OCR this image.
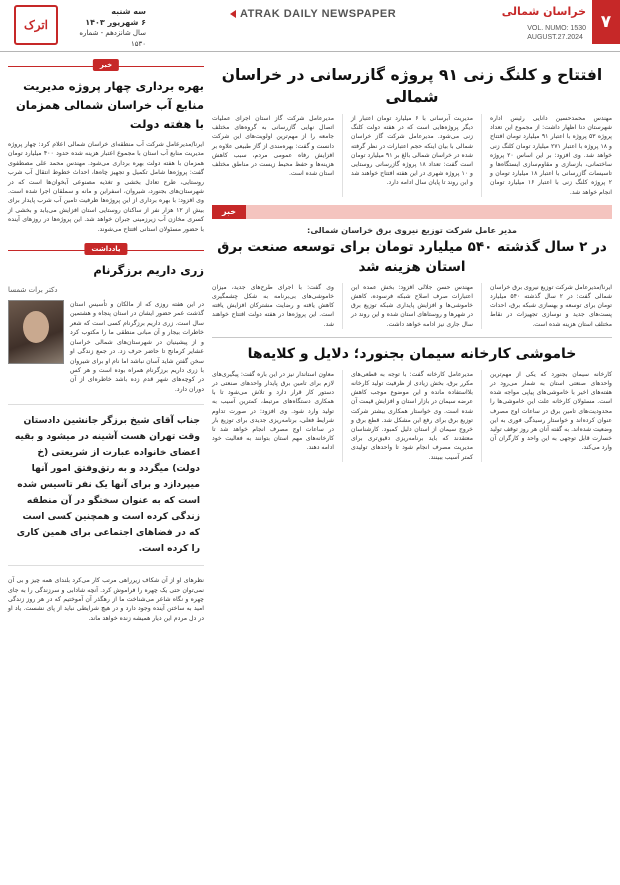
۷
خراسان شمالی
VOL. NUMO: 1530
AUGUST.27.2024
ATRAK DAILY NEWSPAPER
سه شنبه
۶ شهریور ۱۴۰۳
سال شانزدهم - شماره ۱۵۳۰
اترک
خبر
بهره برداری چهار پروژه مدیریت منابع آب خراسان شمالی همزمان با هفته دولت

ایرنا/مدیرعامل شرکت آب منطقه‌ای خراسان شمالی اعلام کرد: چهار پروژه مدیریت منابع آب استان با مجموع اعتبار هزینه شده حدود ۴۰۰ میلیارد تومان همزمان با هفته دولت بهره برداری می‌شود. مهندس محمد علی مصطفوی گفت: پروژه‌ها شامل تکمیل و تجهیز چاه‌ها، احداث خطوط انتقال آب شرب روستایی، طرح تعادل بخشی و تغذیه مصنوعی آبخوان‌ها است که در شهرستان‌های بجنورد، شیروان، اسفراین و مانه و سملقان اجرا شده است. وی افزود: با بهره برداری از این پروژه‌ها ظرفیت تامین آب شرب پایدار برای بیش از ۱۲ هزار نفر از ساکنان روستایی استان افزایش می‌یابد و بخشی از کسری مخازن آب زیرزمینی جبران خواهد شد. این پروژه‌ها در روزهای آینده با حضور مسئولان استانی افتتاح می‌شوند.

یادداشت
زری داریم برزگرنام
دکتر برات شمسا

در این هفته روزی که از مالکان و تأسیس استان گذشت عمر حضور ایشان در استان پنجاه و هشتمین سال است. زری داریم برزگرنام کسی است که شعر خاطرات بیجار و آن مبانی منطقی ما را مکتوب کرد و از پیشینیان در شهرستان‌های شمالی خراسان عشایر کرمانج تا حاضر حرف زد. در جمع زندگی او سخن گفتن شاید آسان نباشد اما نام او برای شیروان با زری داریم برزگرنام همراه بوده است و هر کس در کوچه‌های شهر قدم زده باشد خاطره‌ای از آن دوران دارد.

جناب آقای شیخ برزگر جانشین دادستان وقت تهران هست آشینه در میشود و بقیه اعضای خانواده عبارت از شریعتی (خ دولت) میگردد و به رتق‌وفتق امور آنها میپردازد و برای آنها یک نفر تاسیس شده است که به عنوان سخنگو در آن منطقه زندگی کرده است و همچنین کسی است که در فضاهای اجتماعی برای همین کاری را کرده است.

نظرهای او از آن شکاف زیرراهی مرتب کار می‌کرد بلندای همه چیز و بی آن نمی‌توان حتی یک چهره را فراموش کرد. آنچه شادابی و سرزندگی را به جای چهره و نگاه شاعر می‌شناخت ما از رهگذر آن آموختیم که در هر روز زندگی امید به ساختن آینده وجود دارد و در هیچ شرایطی نباید از پای نشست. یاد او در دل مردم این دیار همیشه زنده خواهد ماند.

افتتاح و کلنگ زنی ۹۱ پروژه گازرسانی در خراسان شمالی

مهندس محمدحسین دانایی رئیس اداره شهرستان دنا اظهار داشت: از مجموع این تعداد پروژه ۵۳ پروژه با اعتبار ۹۱ میلیارد تومان افتتاح و ۱۸ پروژه با اعتبار ۲۷۱ میلیارد تومان کلنگ زنی خواهد شد. وی افزود: بر این اساس ۲۰ پروژه ساختمانی، بازسازی و مقاوم‌سازی ایستگاه‌ها و تاسیسات گازرسانی با اعتبار ۱۸ میلیارد تومان و ۲ پروژه کلنگ زنی با اعتبار ۱۶ میلیارد تومان انجام خواهد شد.

مدیریت آبرسانی با ۶ میلیارد تومان اعتبار از دیگر پروژه‌هایی است که در هفته دولت کلنگ زنی می‌شود. مدیرعامل شرکت گاز خراسان شمالی با بیان اینکه حجم اعتبارات در نظر گرفته شده در خراسان شمالی بالغ بر ۹۱ میلیارد تومان است گفت: تعداد ۱۸ پروژه گازرسانی روستایی و ۱۰ پروژه شهری در این هفته افتتاح خواهند شد و این روند تا پایان سال ادامه دارد.

مدیرعامل شرکت گاز استان اجرای عملیات اتصال نهایی گازرسانی به گروه‌های مختلف جامعه را از مهم‌ترین اولویت‌های این شرکت دانست و گفت: بهره‌مندی از گاز طبیعی علاوه بر افزایش رفاه عمومی مردم، سبب کاهش هزینه‌ها و حفظ محیط زیست در مناطق مختلف استان شده است.

خبر
مدیر عامل شرکت توزیع نیروی برق خراسان شمالی:
در ۲ سال گذشته ۵۴۰ میلیارد تومان برای توسعه صنعت برق استان هزینه شد

ایرنا/مدیرعامل شرکت توزیع نیروی برق خراسان شمالی گفت: در ۲ سال گذشته ۵۴۰ میلیارد تومان برای توسعه و بهسازی شبکه برق، احداث پست‌های جدید و نوسازی تجهیزات در نقاط مختلف استان هزینه شده است.

مهندس حسن جلالی افزود: بخش عمده این اعتبارات صرف اصلاح شبکه فرسوده، کاهش خاموشی‌ها و افزایش پایداری شبکه توزیع برق در شهرها و روستاهای استان شده و این روند در سال جاری نیز ادامه خواهد داشت.

وی گفت: با اجرای طرح‌های جدید، میزان خاموشی‌های بی‌برنامه به شکل چشمگیری کاهش یافته و رضایت مشترکان افزایش یافته است. این پروژه‌ها در هفته دولت افتتاح خواهند شد.

خاموشی کارخانه سیمان بجنورد؛ دلایل و کلایه‌ها

کارخانه سیمان بجنورد که یکی از مهم‌ترین واحدهای صنعتی استان به شمار می‌رود در هفته‌های اخیر با خاموشی‌های پیاپی مواجه شده است. مسئولان کارخانه علت این خاموشی‌ها را محدودیت‌های تامین برق در ساعات اوج مصرف عنوان کرده‌اند و خواستار رسیدگی فوری به این وضعیت شده‌اند. به گفته آنان هر روز توقف تولید خسارت قابل توجهی به این واحد و کارگران آن وارد می‌کند.

مدیرعامل کارخانه گفت: با توجه به قطعی‌های مکرر برق، بخش زیادی از ظرفیت تولید کارخانه بلااستفاده مانده و این موضوع موجب کاهش عرضه سیمان در بازار استان و افزایش قیمت آن شده است. وی خواستار همکاری بیشتر شرکت توزیع برق برای رفع این مشکل شد. قطع برق و خروج سیمان از استان دلیل کمبود. کارشناسان معتقدند که باید برنامه‌ریزی دقیق‌تری برای مدیریت مصرف انجام شود تا واحدهای تولیدی کمتر آسیب ببینند.

معاون استاندار نیز در این باره گفت: پیگیری‌های لازم برای تامین برق پایدار واحدهای صنعتی در دستور کار قرار دارد و تلاش می‌شود تا با همکاری دستگاه‌های مرتبط، کمترین آسیب به تولید وارد شود. وی افزود: در صورت تداوم شرایط فعلی، برنامه‌ریزی جدیدی برای توزیع بار در ساعات اوج مصرف انجام خواهد شد تا کارخانه‌های مهم استان بتوانند به فعالیت خود ادامه دهند.
